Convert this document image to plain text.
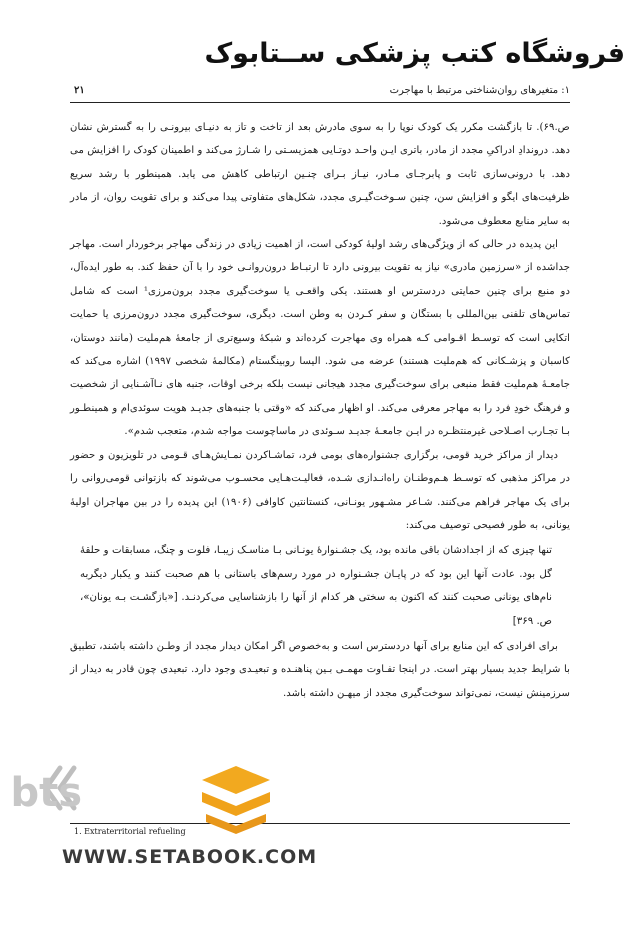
فروشگاه کتب پزشکی ســتابوک
۱: متغیرهای روان‌شناختی مرتبط با مهاجرت
۲۱

ص.۶۹). تا بازگشت مکرر یک کودک نوپا را به سوی مادرش بعد از تاخت و تاز به دنیـای بیرونـی را به گسترش نشان دهد. دروندادِ ادراکیِ مجدد از مادر، باتری ایـن واحـد دوتـایی همزیسـتی را شـارژ می‌کند و اطمینان کودک را افزایش می‌ دهد. با درونی‌سازی ثابت و پابرجـای مـادر، نیـاز بـرای چنـین ارتباطی کاهش می یابد. همینطور با رشد سریع ظرفیت‌های ایگو و افزایش سن، چنین سـوخت‌گیـری مجدد، شکل‌های متفاوتی پیدا می‌کند و برای تقویت روان، از مادر به سایر منابع معطوف می‌شود.

این پدیده در حالی که از ویژگی‌های رشد اولیهٔ کودکی است، از اهمیت زیادی در زندگی مهاجر برخوردار است. مهاجر جداشده از «سرزمین مادری» نیاز به تقویت بیرونی دارد تا ارتبـاط درون‌روانـی خود را با آن حفظ کند. به طور ایده‌آل، دو منبع برای چنین حمایتی دردسترس او هستند. یکی واقعـی یا سوخت‌گیری مجدد برون‌مرزی¹ است که شامل تماس‌های تلفنی بین‌المللی با بستگان و سفر کـردن به وطن است. دیگری، سوخت‌گیری مجدد درون‌مرزی یا حمایت اتکایی است که توسـط اقـوامی کـه همراه وی مهاجرت کرده‌اند و شبکهٔ وسیع‌تری از جامعهٔ هم‌ملیت (مانند دوستان، کاسبان و پزشـکانی که هم‌ملیت هستند) عرضه می شود. الیسا روبینگستام (مکالمهٔ شخصی ۱۹۹۷) اشاره می‌کند که جامعـهٔ هم‌ملیت فقط منبعی برای سوخت‌گیری مجدد هیجانی نیست بلکه برخی اوقات، جنبه های نـاآشـنایی از شخصیت و فرهنگ خودِ فرد را به مهاجر معرفی می‌کند. او اظهار می‌کند که «وقتی با جنبه‌های جدیـد هویت سوئدی‌ام و همینطـور بـا تجـارب اصـلاحی غیرمنتظـره در ایـن جامعـهٔ جدیـد سـوئدی در ماساچوست مواجه شدم، متعجب شدم».

دیدار از مراکز خرید قومی، برگزاری جشنواره‌های بومی فرد، تماشـاکردن نمـایش‌هـای قـومی در تلویزیون و حضور در مراکز مذهبی که توسـط هـم‌وطنـان راه‌انـدازی شـده، فعالیـت‌هـایی محسـوب می‌شوند که بازتوانی قومی‌روانی را برای یک مهاجر فراهم می‌کنند. شـاعر مشـهور یونـانی، کنستانتین کاوافی (۱۹۰۶) این پدیده را در بین مهاجران اولیهٔ یونانی، به طور فصیحی توصیف می‌کند:

تنها چیزی که از اجدادشان باقی مانده بود، یک جشـنوارهٔ یونـانی بـا مناسـک زیبـا، فلوت و چنگ، مسابقات و حلقهٔ گل بود. عادت آنها این بود که در پایـان جشـنواره در مورد رسم‌های باستانی با هم صحبت کنند و یکبار دیگربه نام‌های یونانی صحبت کنند که اکنون به سختی هر کدام از آنها را بازشناسایی می‌کردنـد. [«بازگشـت بـه یونان»، ص. ۳۶۹]

برای افرادی که این منابع برای آنها دردسترس است و به‌خصوص اگر امکان دیدار مجدد از وطـن داشته باشند، تطبیق با شرایط جدید بسیار بهتر است. در اینجا تفـاوت مهمـی بـین پناهنـده و تبعیـدی وجود دارد. تبعیدی چون قادر به دیدار از سرزمینش نیست، نمی‌تواند سوخت‌گیری مجدد از میهـن داشته باشد.

1. Extraterritorial refueling
stb
WWW.SETABOOK.COM
